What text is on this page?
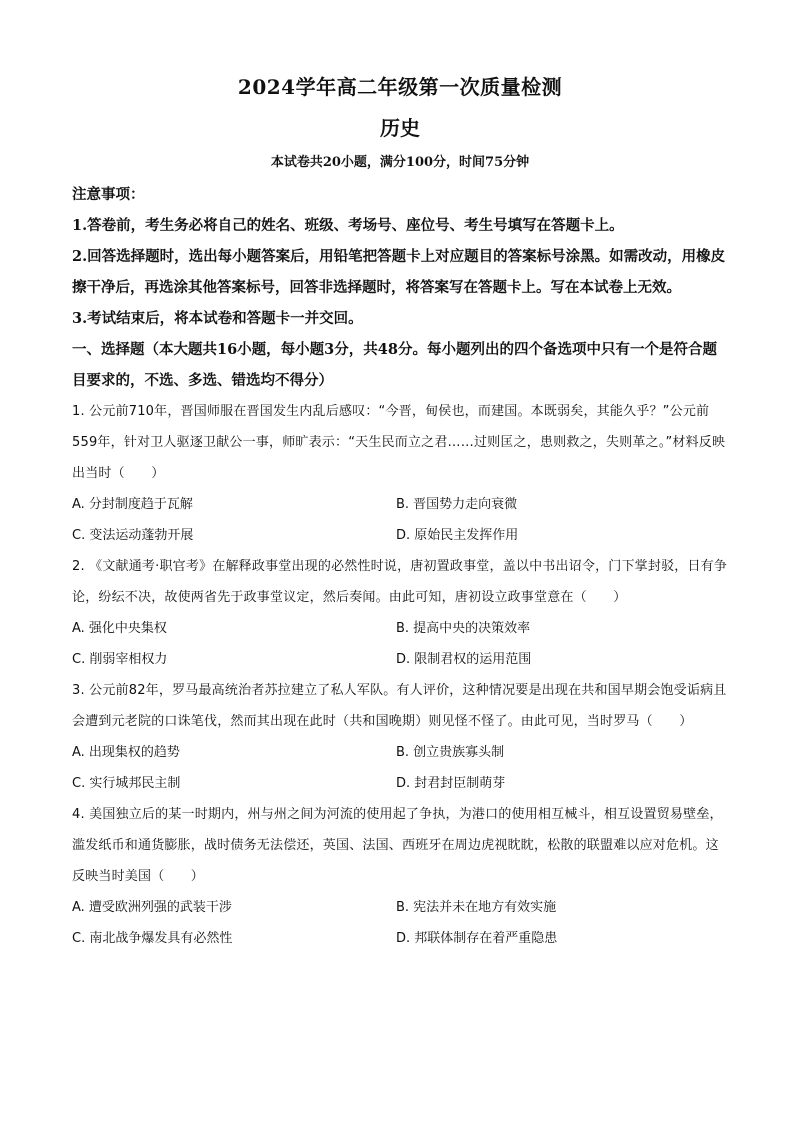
2024学年高二年级第一次质量检测
历史
本试卷共20小题，满分100分，时间75分钟
注意事项：
1.答卷前，考生务必将自己的姓名、班级、考场号、座位号、考生号填写在答题卡上。
2.回答选择题时，选出每小题答案后，用铅笔把答题卡上对应题目的答案标号涂黑。如需改动，用橡皮擦干净后，再选涂其他答案标号，回答非选择题时，将答案写在答题卡上。写在本试卷上无效。
3.考试结束后，将本试卷和答题卡一并交回。
一、选择题（本大题共16小题，每小题3分，共48分。每小题列出的四个备选项中只有一个是符合题目要求的，不选、多选、错选均不得分）
1. 公元前710年，晋国师服在晋国发生内乱后感叹：“今晋，甸侯也，而建国。本既弱矣，其能久乎？”公元前559年，针对卫人驱逐卫献公一事，师旷表示：“天生民而立之君……过则匡之，患则救之，失则革之。”材料反映出当时（　　）
A. 分封制度趋于瓦解	B. 晋国势力走向衰微
C. 变法运动蓬勃开展	D. 原始民主发挥作用
2. 《文献通考·职官考》在解释政事堂出现的必然性时说，唐初置政事堂，盖以中书出诏令，门下掌封驳，日有争论，纷纭不决，故使两省先于政事堂议定，然后奏闻。由此可知，唐初设立政事堂意在（　　）
A. 强化中央集权	B. 提高中央的决策效率
C. 削弱宰相权力	D. 限制君权的运用范围
3. 公元前82年，罗马最高统治者苏拉建立了私人军队。有人评价，这种情况要是出现在共和国早期会饱受诟病且会遭到元老院的口诛笔伐，然而其出现在此时（共和国晚期）则见怪不怪了。由此可见，当时罗马（　　）
A. 出现集权的趋势	B. 创立贵族寡头制
C. 实行城邦民主制	D. 封君封臣制萌芽
4. 美国独立后的某一时期内，州与州之间为河流的使用起了争执，为港口的使用相互械斗，相互设置贸易壁垒，滥发纸币和通货膨胀，战时债务无法偿还，英国、法国、西班牙在周边虎视眈眈，松散的联盟难以应对危机。这反映当时美国（　　）
A. 遭受欧洲列强的武装干涉	B. 宪法并未在地方有效实施
C. 南北战争爆发具有必然性	D. 邦联体制存在着严重隐患
